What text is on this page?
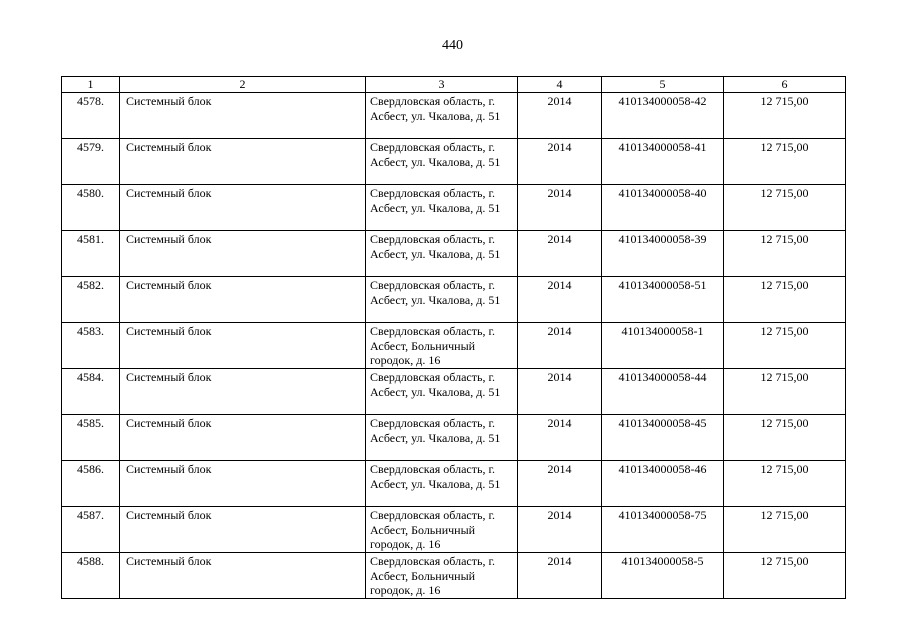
440
1	2	3	4	5	6
4578.	Системный блок	Свердловская область, г. Асбест, ул. Чкалова, д. 51	2014	410134000058-42	12 715,00
4579.	Системный блок	Свердловская область, г. Асбест, ул. Чкалова, д. 51	2014	410134000058-41	12 715,00
4580.	Системный блок	Свердловская область, г. Асбест, ул. Чкалова, д. 51	2014	410134000058-40	12 715,00
4581.	Системный блок	Свердловская область, г. Асбест, ул. Чкалова, д. 51	2014	410134000058-39	12 715,00
4582.	Системный блок	Свердловская область, г. Асбест, ул. Чкалова, д. 51	2014	410134000058-51	12 715,00
4583.	Системный блок	Свердловская область, г. Асбест, Больничный городок, д. 16	2014	410134000058-1	12 715,00
4584.	Системный блок	Свердловская область, г. Асбест, ул. Чкалова, д. 51	2014	410134000058-44	12 715,00
4585.	Системный блок	Свердловская область, г. Асбест, ул. Чкалова, д. 51	2014	410134000058-45	12 715,00
4586.	Системный блок	Свердловская область, г. Асбест, ул. Чкалова, д. 51	2014	410134000058-46	12 715,00
4587.	Системный блок	Свердловская область, г. Асбест, Больничный городок, д. 16	2014	410134000058-75	12 715,00
4588.	Системный блок	Свердловская область, г. Асбест, Больничный городок, д. 16	2014	410134000058-5	12 715,00
